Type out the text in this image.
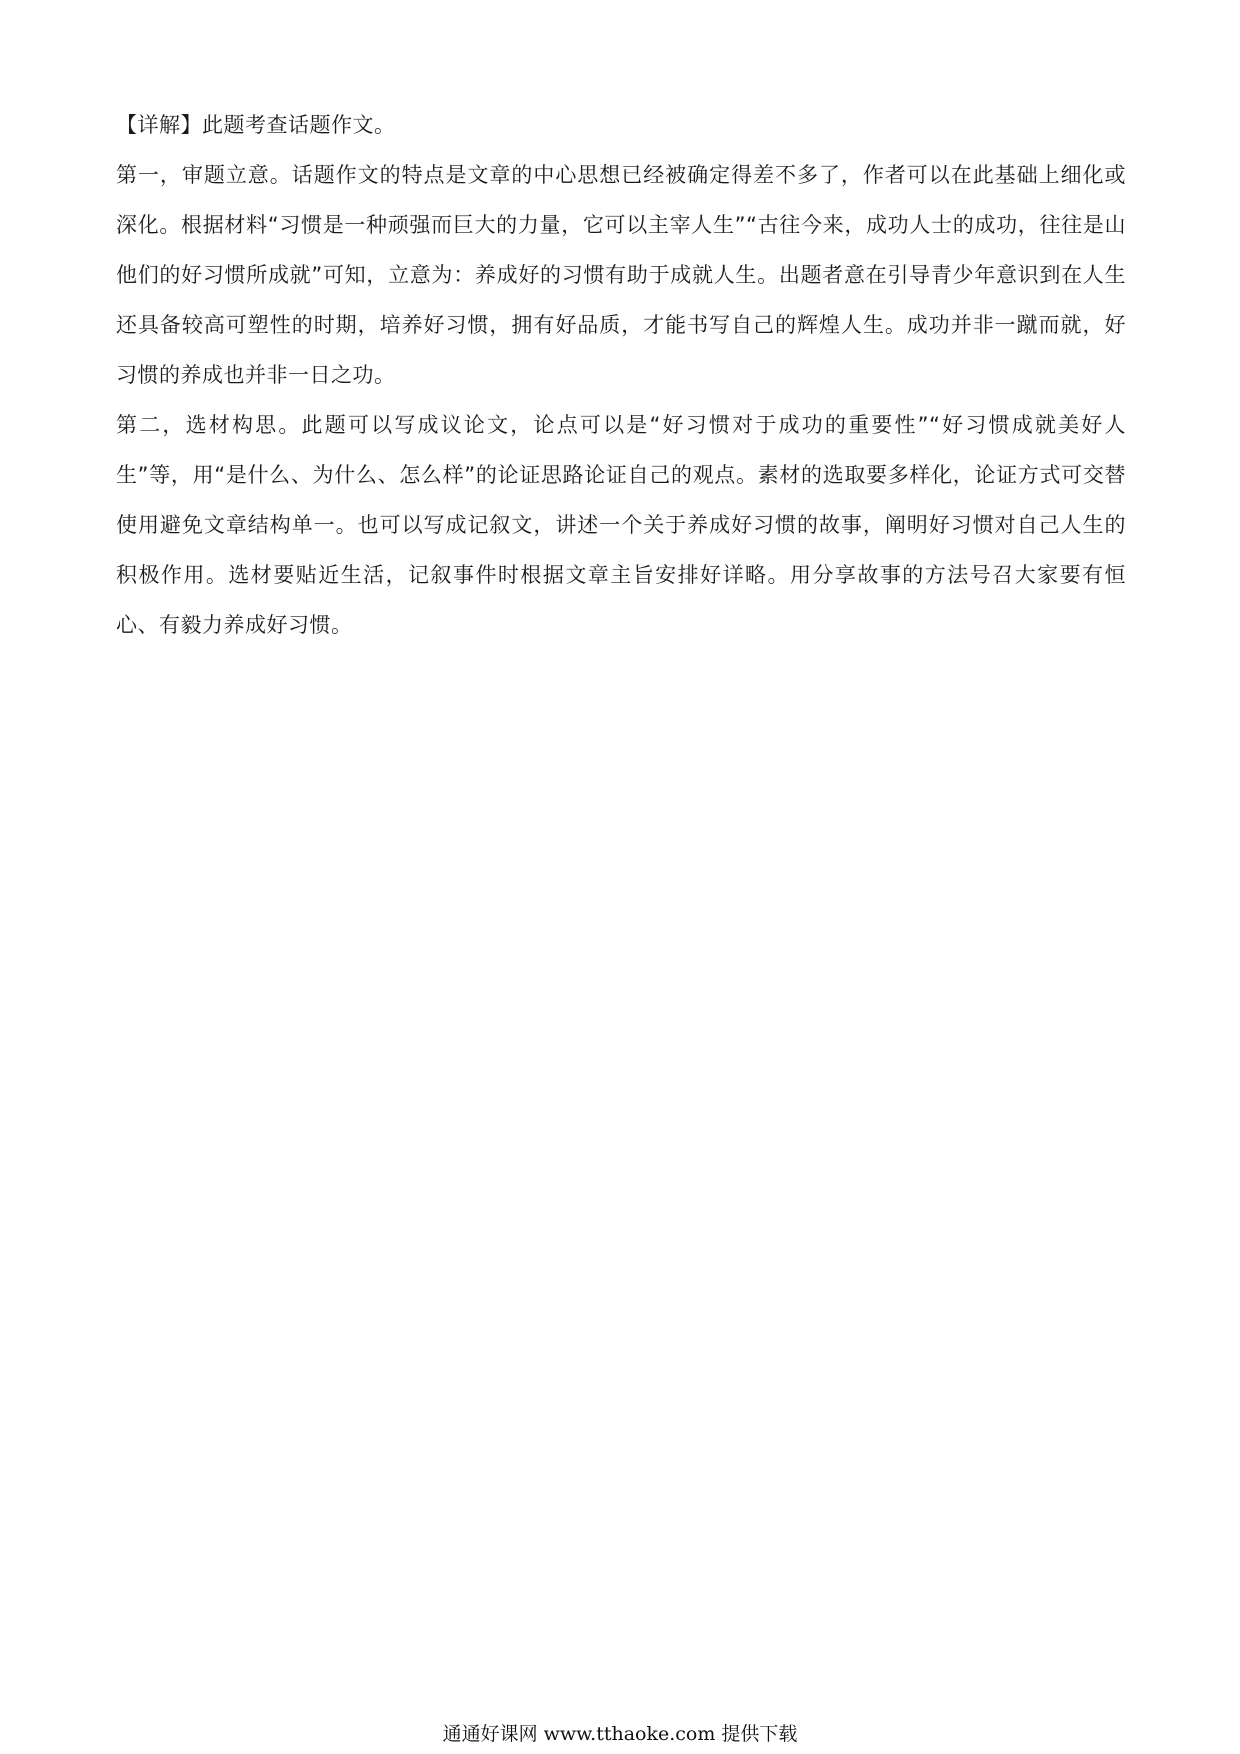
【详解】此题考查话题作文。

第一，审题立意。话题作文的特点是文章的中心思想已经被确定得差不多了，作者可以在此基础上细化或深化。根据材料“习惯是一种顽强而巨大的力量，它可以主宰人生”“古往今来，成功人士的成功，往往是山他们的好习惯所成就”可知，立意为：养成好的习惯有助于成就人生。出题者意在引导青少年意识到在人生还具备较高可塑性的时期，培养好习惯，拥有好品质，才能书写自己的辉煌人生。成功并非一蹴而就，好习惯的养成也并非一日之功。

第二，选材构思。此题可以写成议论文，论点可以是“好习惯对于成功的重要性”“好习惯成就美好人生”等，用“是什么、为什么、怎么样”的论证思路论证自己的观点。素材的选取要多样化，论证方式可交替使用避免文章结构单一。也可以写成记叙文，讲述一个关于养成好习惯的故事，阐明好习惯对自己人生的积极作用。选材要贴近生活，记叙事件时根据文章主旨安排好详略。用分享故事的方法号召大家要有恒心、有毅力养成好习惯。

通通好课网 www.tthaoke.com 提供下载
